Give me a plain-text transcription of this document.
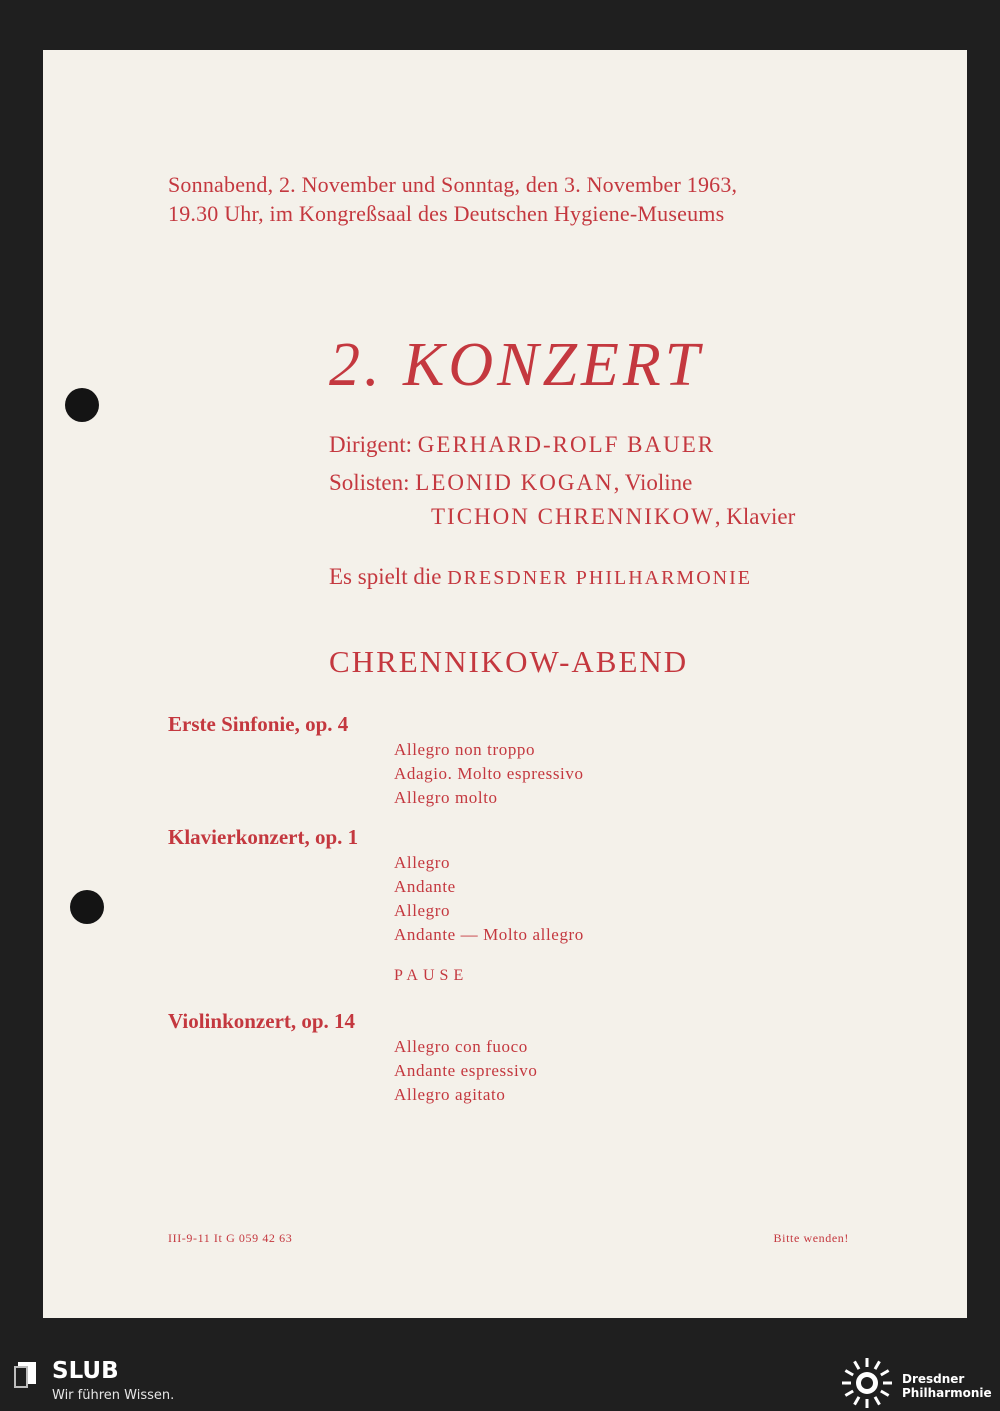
Sonnabend, 2. November und Sonntag, den 3. November 1963,
19.30 Uhr, im Kongreßsaal des Deutschen Hygiene-Museums
2. KONZERT
Dirigent: GERHARD-ROLF BAUER
Solisten: LEONID KOGAN, Violine
TICHON CHRENNIKOW, Klavier
Es spielt die DRESDNER PHILHARMONIE
CHRENNIKOW-ABEND
Erste Sinfonie, op. 4
Allegro non troppo
Adagio. Molto espressivo
Allegro molto
Klavierkonzert, op. 1
Allegro
Andante
Allegro
Andante — Molto allegro
PAUSE
Violinkonzert, op. 14
Allegro con fuoco
Andante espressivo
Allegro agitato
III-9-11 It G 059 42 63	Bitte wenden!
SLUB
Wir führen Wissen.
Dresdner
Philharmonie
